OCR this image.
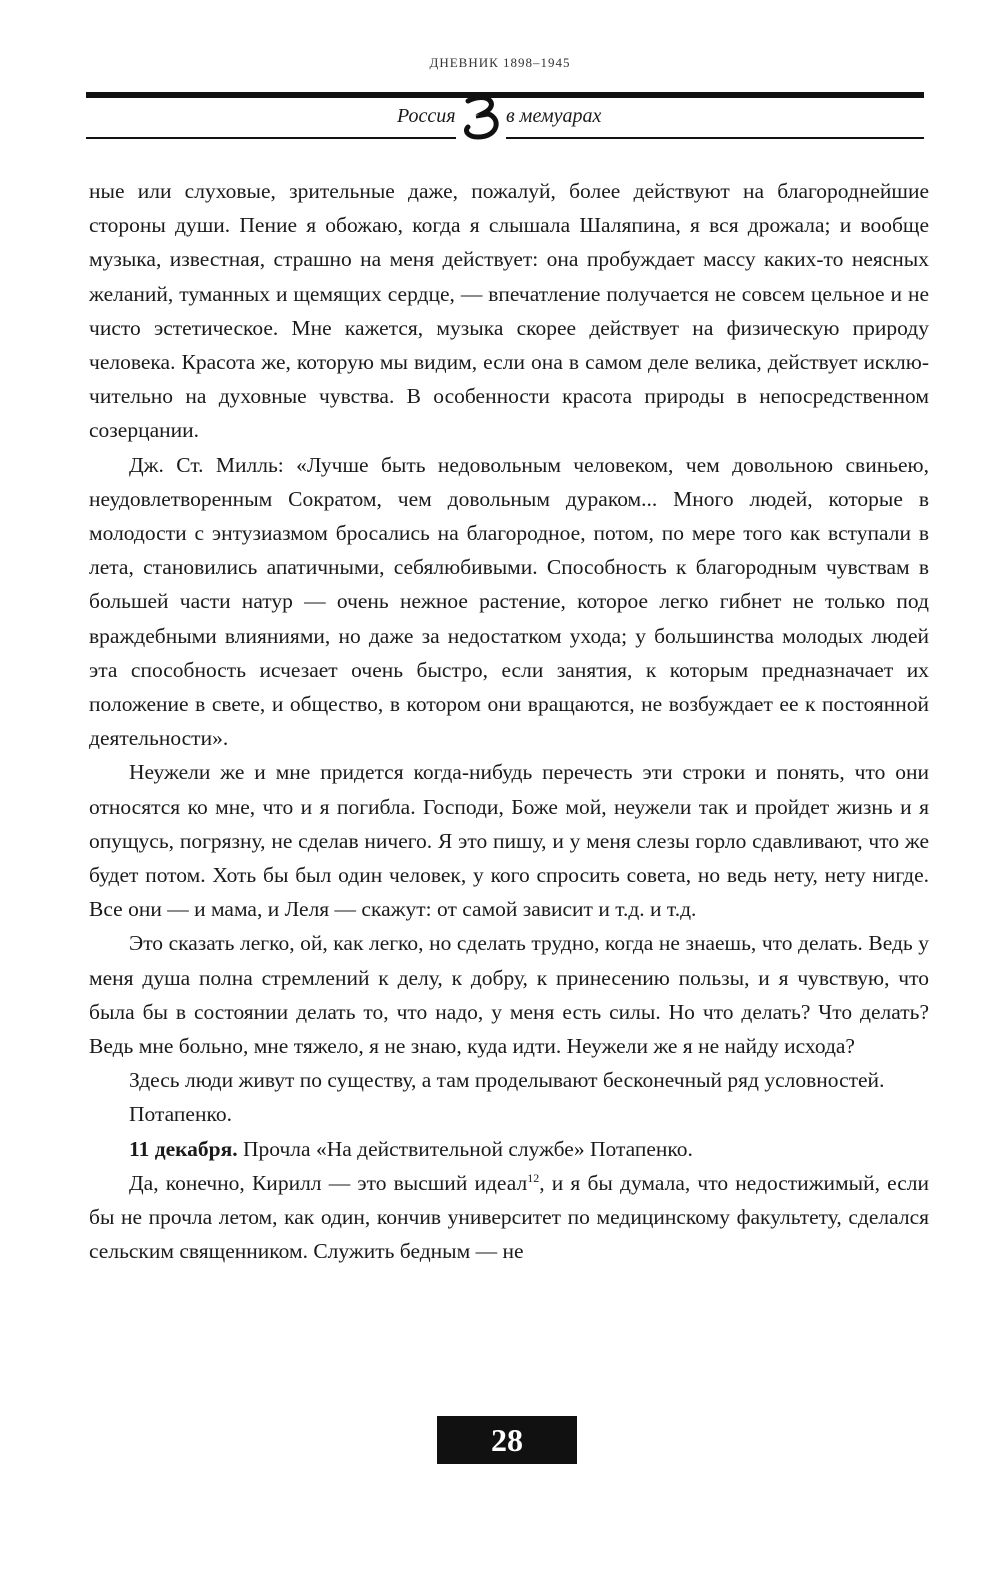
ДНЕВНИК 1898–1945
Россия	в мемуарах

ные или слуховые, зрительные даже, пожалуй, более действуют на благороднейшие стороны души. Пение я обожаю, когда я слышала Шаляпина, я вся дрожала; и вообще музыка, известная, страшно на меня действует: она пробуждает массу каких-то неясных желаний, туманных и щемящих сердце, — впечатление получается не совсем цельное и не чисто эстетическое. Мне кажется, музыка скорее действует на физическую природу человека. Красота же, которую мы видим, если она в самом деле велика, действует исключительно на духовные чувства. В особенности красота природы в непосредственном созерцании.

Дж. Ст. Милль: «Лучше быть недовольным человеком, чем довольною свиньею, неудовлетворенным Сократом, чем довольным дураком... Много людей, которые в молодости с энтузиазмом бросались на благородное, потом, по мере того как вступали в лета, становились апатичными, себялюбивыми. Способность к благородным чувствам в большей части натур — очень нежное растение, которое легко гибнет не только под враждебными влияниями, но даже за недостатком ухода; у большинства молодых людей эта способность исчезает очень быстро, если занятия, к которым предназначает их положение в свете, и общество, в котором они вращаются, не возбуждает ее к постоянной деятельности».

Неужели же и мне придется когда-нибудь перечесть эти строки и понять, что они относятся ко мне, что и я погибла. Господи, Боже мой, неужели так и пройдет жизнь и я опущусь, погрязну, не сделав ничего. Я это пишу, и у меня слезы горло сдавливают, что же будет потом. Хоть бы был один человек, у кого спросить совета, но ведь нету, нету нигде. Все они — и мама, и Леля — скажут: от самой зависит и т.д. и т.д.

Это сказать легко, ой, как легко, но сделать трудно, когда не знаешь, что делать. Ведь у меня душа полна стремлений к делу, к добру, к принесению пользы, и я чувствую, что была бы в состоянии делать то, что надо, у меня есть силы. Но что делать? Что делать? Ведь мне больно, мне тяжело, я не знаю, куда идти. Неужели же я не найду исхода?

Здесь люди живут по существу, а там проделывают бесконечный ряд условностей.

Потапенко.

11 декабря. Прочла «На действительной службе» Потапенко.

Да, конечно, Кирилл — это высший идеал$^{12}$, и я бы думала, что недостижимый, если бы не прочла летом, как один, кончив университет по медицинскому факультету, сделался сельским священником. Служить бедным — не

28
